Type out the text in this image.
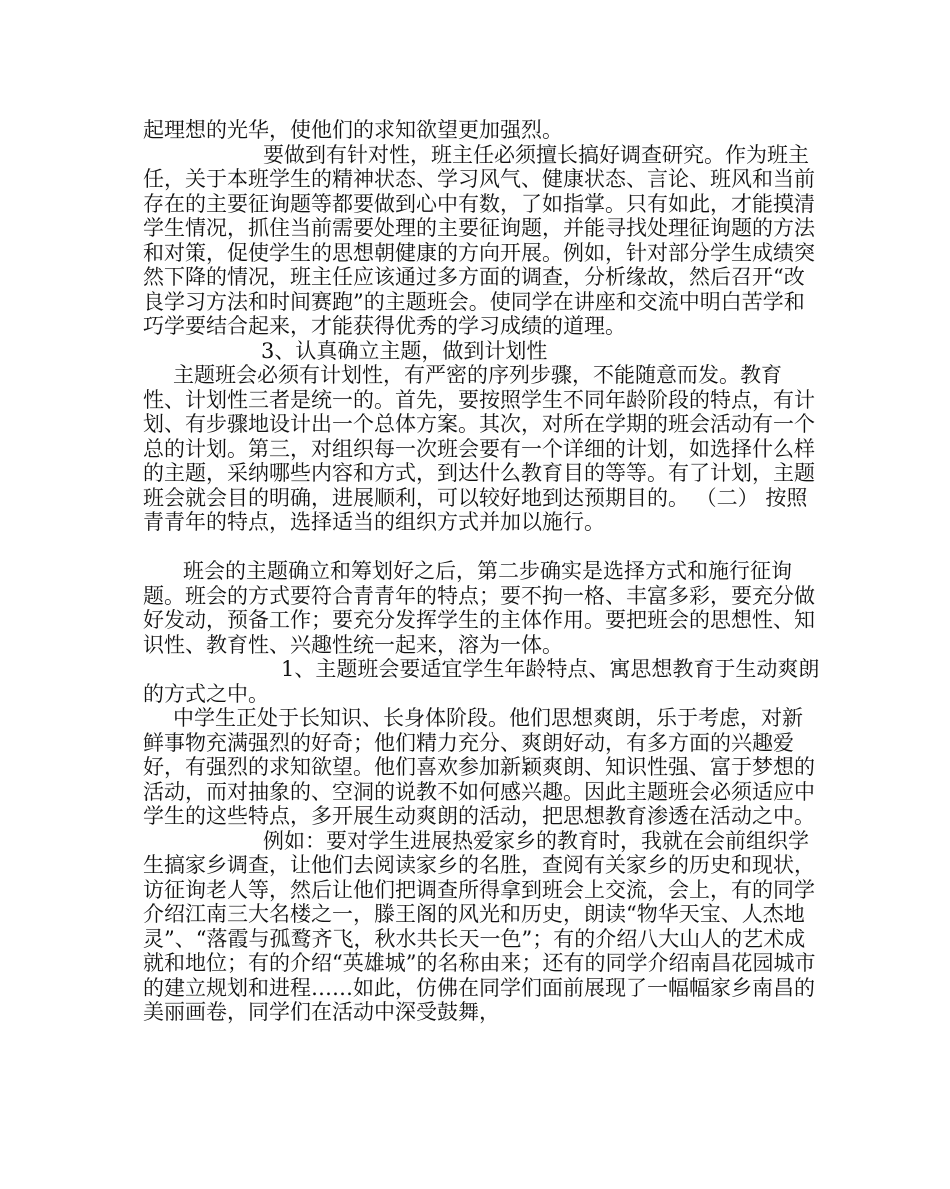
起理想的光华，使他们的求知欲望更加强烈。

要做到有针对性，班主任必须擅长搞好调查研究。作为班主任，关于本班学生的精神状态、学习风气、健康状态、言论、班风和当前存在的主要征询题等都要做到心中有数，了如指掌。只有如此，才能摸清学生情况，抓住当前需要处理的主要征询题，并能寻找处理征询题的方法和对策，促使学生的思想朝健康的方向开展。例如，针对部分学生成绩突然下降的情况，班主任应该通过多方面的调查，分析缘故，然后召开“改良学习方法和时间赛跑”的主题班会。使同学在讲座和交流中明白苦学和巧学要结合起来，才能获得优秀的学习成绩的道理。

3、认真确立主题，做到计划性

主题班会必须有计划性，有严密的序列步骤，不能随意而发。教育性、计划性三者是统一的。首先，要按照学生不同年龄阶段的特点，有计划、有步骤地设计出一个总体方案。其次，对所在学期的班会活动有一个总的计划。第三，对组织每一次班会要有一个详细的计划，如选择什么样的主题，采纳哪些内容和方式，到达什么教育目的等等。有了计划，主题班会就会目的明确，进展顺利，可以较好地到达预期目的。 （二） 按照青青年的特点，选择适当的组织方式并加以施行。

班会的主题确立和筹划好之后，第二步确实是选择方式和施行征询题。班会的方式要符合青青年的特点；要不拘一格、丰富多彩，要充分做好发动，预备工作；要充分发挥学生的主体作用。要把班会的思想性、知识性、教育性、兴趣性统一起来，溶为一体。

1、主题班会要适宜学生年龄特点、寓思想教育于生动爽朗的方式之中。

中学生正处于长知识、长身体阶段。他们思想爽朗，乐于考虑，对新鲜事物充满强烈的好奇；他们精力充分、爽朗好动，有多方面的兴趣爱好，有强烈的求知欲望。他们喜欢参加新颖爽朗、知识性强、富于梦想的活动，而对抽象的、空洞的说教不如何感兴趣。因此主题班会必须适应中学生的这些特点，多开展生动爽朗的活动，把思想教育渗透在活动之中。

例如：要对学生进展热爱家乡的教育时，我就在会前组织学生搞家乡调查，让他们去阅读家乡的名胜，查阅有关家乡的历史和现状，访征询老人等，然后让他们把调查所得拿到班会上交流，会上，有的同学介绍江南三大名楼之一，滕王阁的风光和历史，朗读“物华天宝、人杰地灵”、“落霞与孤鹜齐飞，秋水共长天一色”；有的介绍八大山人的艺术成就和地位；有的介绍“英雄城”的名称由来；还有的同学介绍南昌花园城市的建立规划和进程……如此，仿佛在同学们面前展现了一幅幅家乡南昌的美丽画卷，同学们在活动中深受鼓舞，
